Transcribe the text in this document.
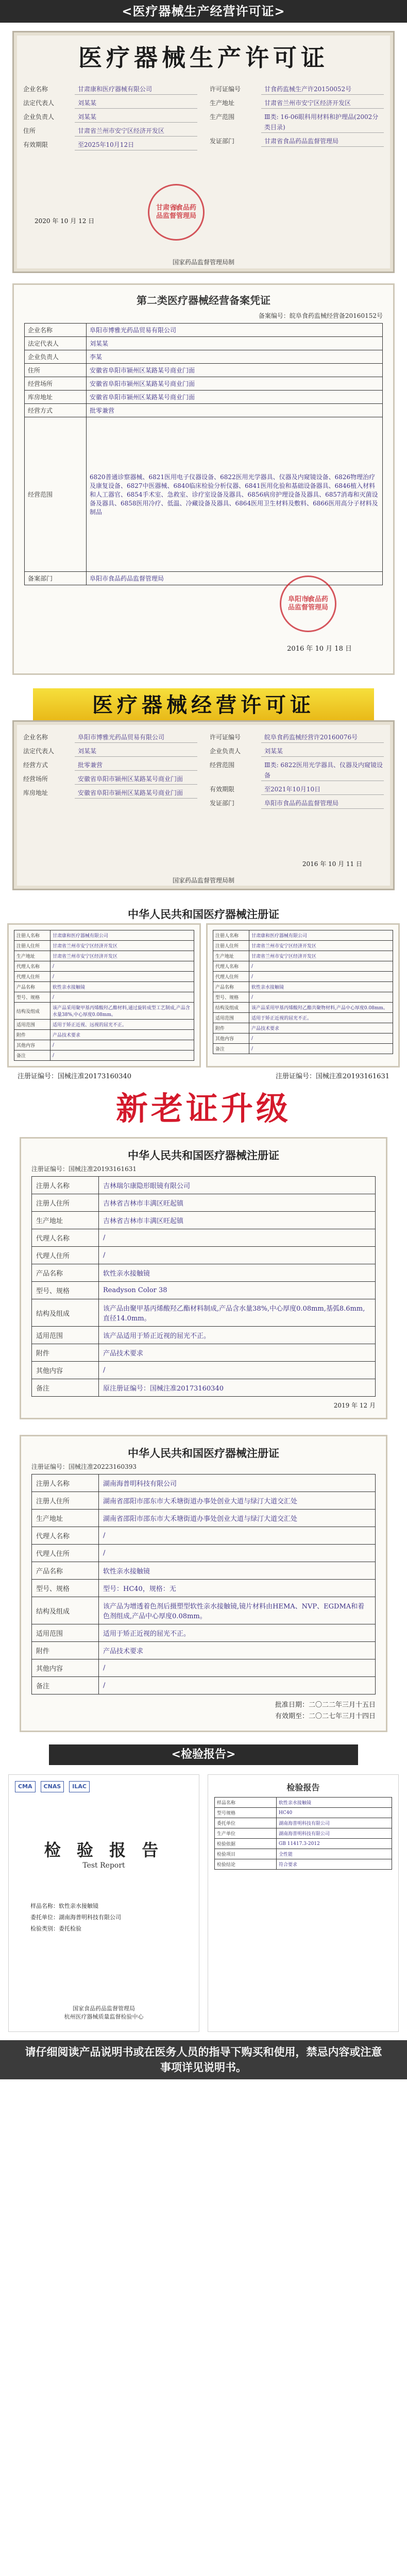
<医疗器械生产经营许可证>
医疗器械生产许可证
企业名称	甘肃康和医疗器械有限公司
法定代表人	刘某某
企业负责人	刘某某
住所	甘肃省兰州市安宁区经济开发区
有效期限	至2025年10月12日
许可证编号	甘食药监械生产许20150052号
生产地址	甘肃省兰州市安宁区经济开发区
生产范围	Ⅲ类: 16-06眼科用材料和护理品(2002分类目录)
发证部门	甘肃省食品药品监督管理局
2020 年 10 月 12 日
甘肃省食品药品监督管理局
★
国家药品监督管理局制
第二类医疗器械经营备案凭证
备案编号：皖阜食药监械经营备20160152号
企业名称	阜阳市博雅光药品贸易有限公司
法定代表人	刘某某
企业负责人	李某
住所	安徽省阜阳市颍州区某路某号商业门面
经营场所	安徽省阜阳市颍州区某路某号商业门面
库房地址	安徽省阜阳市颍州区某路某号商业门面
经营方式	批零兼营
经营范围	6820普通诊察器械、6821医用电子仪器设备、6822医用光学器具、仪器及内窥镜设备、6826物理治疗及康复设备、6827中医器械、6840临床检验分析仪器、6841医用化验和基础设备器具、6846植入材料和人工器官、6854手术室、急救室、诊疗室设备及器具、6856病房护理设备及器具、6857消毒和灭菌设备及器具、6858医用冷疗、低温、冷藏设备及器具、6864医用卫生材料及敷料、6866医用高分子材料及制品
备案部门	阜阳市食品药品监督管理局
2016 年 10 月 18 日
阜阳市食品药品监督管理局
★
医疗器械经营许可证
企业名称	阜阳市博雅光药品贸易有限公司
法定代表人	刘某某
经营方式	批零兼营
经营场所	安徽省阜阳市颍州区某路某号商业门面
库房地址	安徽省阜阳市颍州区某路某号商业门面
许可证编号	皖阜食药监械经营许20160076号
企业负责人	刘某某
经营范围	Ⅲ类: 6822医用光学器具、仪器及内窥镜设备
有效期限	至2021年10月10日
发证部门	阜阳市食品药品监督管理局
2016 年 10 月 11 日
国家药品监督管理局制
中华人民共和国医疗器械注册证
注册人名称	甘肃康和医疗器械有限公司
注册人住所	甘肃省兰州市安宁区经济开发区
生产地址	甘肃省兰州市安宁区经济开发区
代理人名称	/
代理人住所	/
产品名称	软性亲水接触镜
型号、规格	/
结构及组成	该产品采用聚甲基丙烯酸羟乙酯材料,通过旋转成型工艺制成,产品含水量38%,中心厚度0.08mm。
适用范围	适用于矫正近视、远视的屈光不正。
附件	产品技术要求
其他内容	/
备注	/
注册人名称	甘肃康和医疗器械有限公司
注册人住所	甘肃省兰州市安宁区经济开发区
生产地址	甘肃省兰州市安宁区经济开发区
代理人名称	/
代理人住所	/
产品名称	软性亲水接触镜
型号、规格	/
结构及组成	该产品采用甲基丙烯酸羟乙酯共聚物材料,产品中心厚度0.08mm。
适用范围	适用于矫正近视的屈光不正。
附件	产品技术要求
其他内容	/
备注	/
注册证编号：国械注准20173160340	注册证编号：国械注准20193161631
新老证升级
中华人民共和国医疗器械注册证
注册证编号：国械注准20193161631
注册人名称	吉林瑞尔康隐形眼镜有限公司
注册人住所	吉林省吉林市丰满区旺起镇
生产地址	吉林省吉林市丰满区旺起镇
代理人名称	/
代理人住所	/
产品名称	软性亲水接触镜
型号、规格	Readyson Color 38
结构及组成	该产品由聚甲基丙烯酸羟乙酯材料制成,产品含水量38%,中心厚度0.08mm,基弧8.6mm,直径14.0mm。
适用范围	该产品适用于矫正近视的屈光不正。
附件	产品技术要求
其他内容	/
备注	原注册证编号：国械注准20173160340
2019 年 12 月
中华人民共和国医疗器械注册证
注册证编号：国械注准20223160393
注册人名称	湖南海普明科技有限公司
注册人住所	湖南省邵阳市邵东市大禾塘街道办事处创业大道与绿汀大道交汇处
生产地址	湖南省邵阳市邵东市大禾塘街道办事处创业大道与绿汀大道交汇处
代理人名称	/
代理人住所	/
产品名称	软性亲水接触镜
型号、规格	型号：HC40，规格：无
结构及组成	该产品为增透着色剂后摄塑型软性亲水接触镜,镜片材料由HEMA、NVP、EGDMA和着色剂组成,产品中心厚度0.08mm。
适用范围	适用于矫正近视的屈光不正。
附件	产品技术要求
其他内容	/
备注	/
批准日期：二〇二二年三月十五日
有效期至：二〇二七年三月十四日
<检验报告>
CMA	CNAS	ILAC
检 验 报 告
Test Report
样品名称：软性亲水接触镜
委托单位：湖南海普明科技有限公司
检验类别：委托检验
国家食品药品监督管理局
杭州医疗器械质量监督检验中心
检验报告
样品名称	软性亲水接触镜
型号规格	HC40
委托单位	湖南海普明科技有限公司
生产单位	湖南海普明科技有限公司
检验依据	GB 11417.3-2012
检验项目	全性能
检验结论	符合要求
请仔细阅读产品说明书或在医务人员的指导下购买和使用，禁忌内容或注意事项详见说明书。
